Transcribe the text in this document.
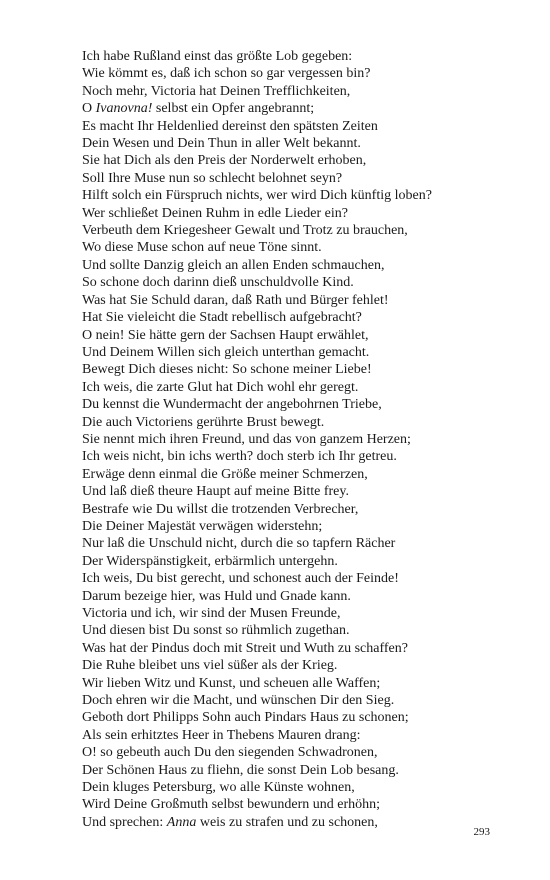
Ich habe Rußland einst das größte Lob gegeben:
Wie kömmt es, daß ich schon so gar vergessen bin?
Noch mehr, Victoria hat Deinen Trefflichkeiten,
O Ivanovna! selbst ein Opfer angebrannt;
Es macht Ihr Heldenlied dereinst den spätsten Zeiten
Dein Wesen und Dein Thun in aller Welt bekannt.
Sie hat Dich als den Preis der Norderwelt erhoben,
Soll Ihre Muse nun so schlecht belohnet seyn?
Hilft solch ein Fürspruch nichts, wer wird Dich künftig loben?
Wer schließet Deinen Ruhm in edle Lieder ein?
Verbeuth dem Kriegesheer Gewalt und Trotz zu brauchen,
Wo diese Muse schon auf neue Töne sinnt.
Und sollte Danzig gleich an allen Enden schmauchen,
So schone doch darinn dieß unschuldvolle Kind.
Was hat Sie Schuld daran, daß Rath und Bürger fehlet!
Hat Sie vieleicht die Stadt rebellisch aufgebracht?
O nein! Sie hätte gern der Sachsen Haupt erwählet,
Und Deinem Willen sich gleich unterthan gemacht.
Bewegt Dich dieses nicht: So schone meiner Liebe!
Ich weis, die zarte Glut hat Dich wohl ehr geregt.
Du kennst die Wundermacht der angebohrnen Triebe,
Die auch Victoriens gerührte Brust bewegt.
Sie nennt mich ihren Freund, und das von ganzem Herzen;
Ich weis nicht, bin ichs werth? doch sterb ich Ihr getreu.
Erwäge denn einmal die Größe meiner Schmerzen,
Und laß dieß theure Haupt auf meine Bitte frey.
Bestrafe wie Du willst die trotzenden Verbrecher,
Die Deiner Majestät verwägen widerstehn;
Nur laß die Unschuld nicht, durch die so tapfern Rächer
Der Widerspänstigkeit, erbärmlich untergehn.
Ich weis, Du bist gerecht, und schonest auch der Feinde!
Darum bezeige hier, was Huld und Gnade kann.
Victoria und ich, wir sind der Musen Freunde,
Und diesen bist Du sonst so rühmlich zugethan.
Was hat der Pindus doch mit Streit und Wuth zu schaffen?
Die Ruhe bleibet uns viel süßer als der Krieg.
Wir lieben Witz und Kunst, und scheuen alle Waffen;
Doch ehren wir die Macht, und wünschen Dir den Sieg.
Geboth dort Philipps Sohn auch Pindars Haus zu schonen;
Als sein erhitztes Heer in Thebens Mauren drang:
O! so gebeuth auch Du den siegenden Schwadronen,
Der Schönen Haus zu fliehn, die sonst Dein Lob besang.
Dein kluges Petersburg, wo alle Künste wohnen,
Wird Deine Großmuth selbst bewundern und erhöhn;
Und sprechen: Anna weis zu strafen und zu schonen,
293
